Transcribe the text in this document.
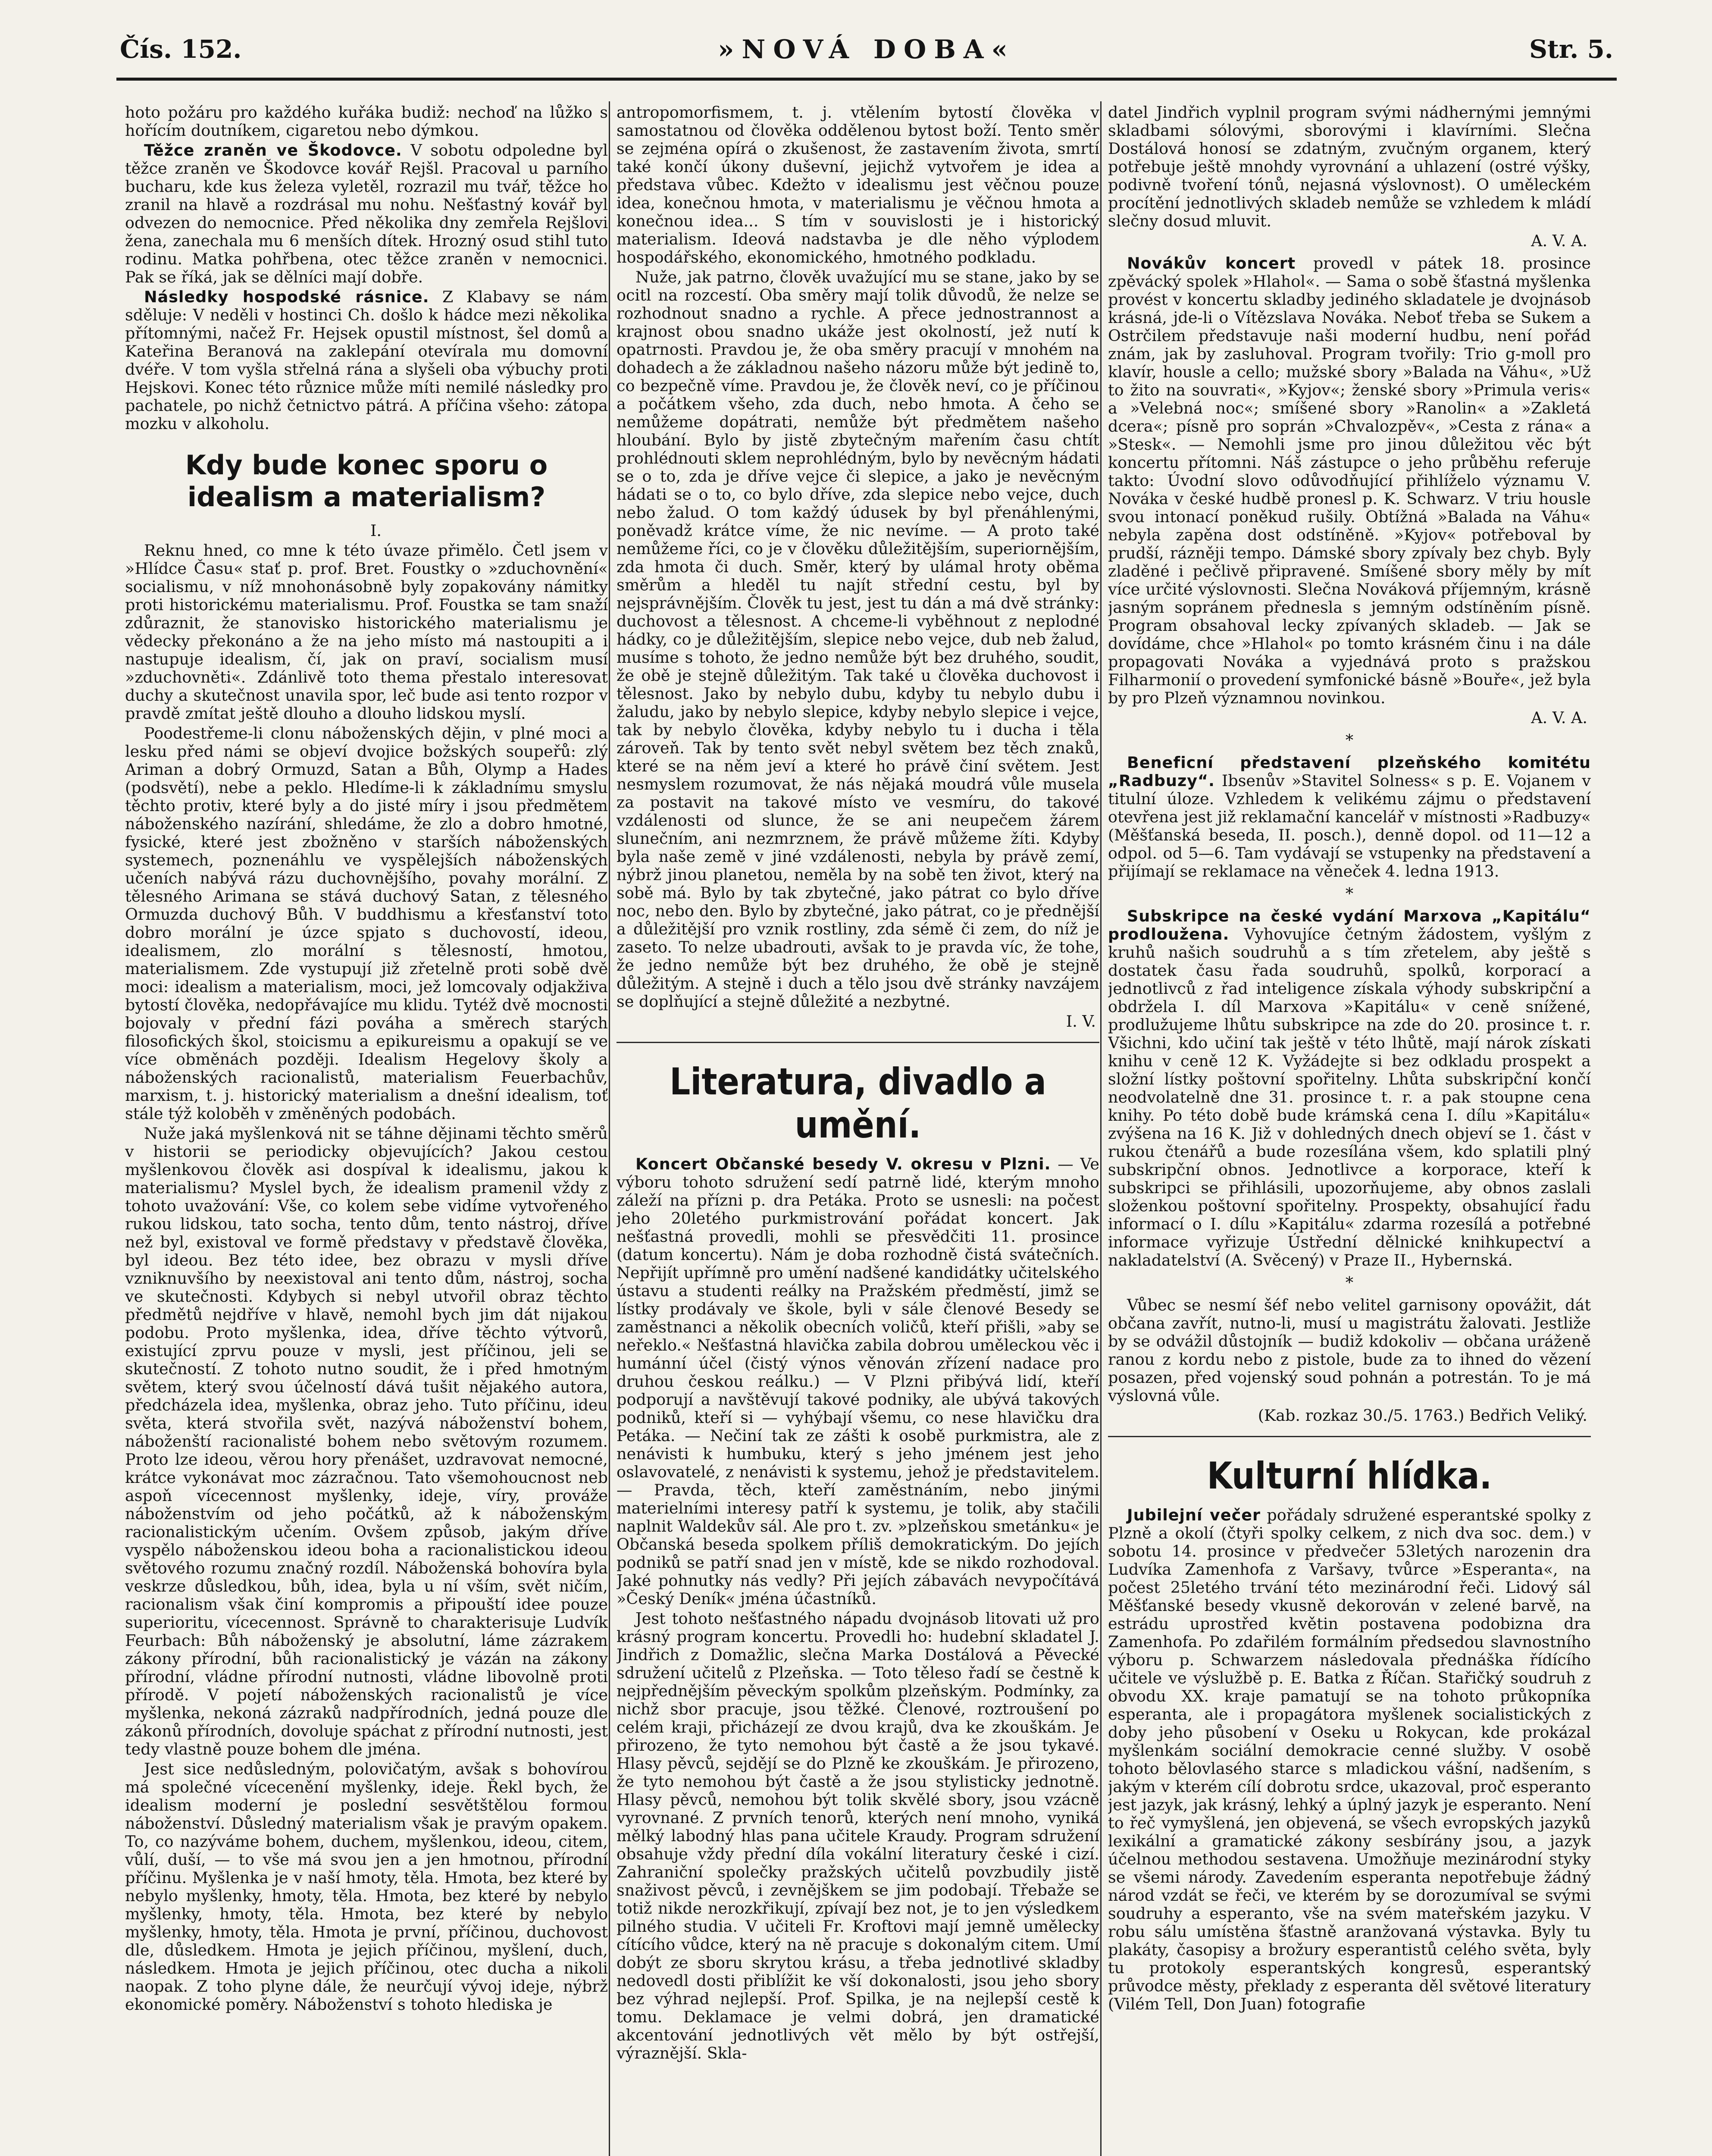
Čís. 152.	»NOVÁ DOBA«	Str. 5.

hoto požáru pro každého kuřáka budiž: nechoď na lůžko s hořícím doutníkem, cigaretou nebo dýmkou.

Těžce zraněn ve Škodovce. V sobotu odpoledne byl těžce zraněn ve Škodovce kovář Rejšl. Pracoval u parního bucharu, kde kus železa vyletěl, rozrazil mu tvář, těžce ho zranil na hlavě a rozdrásal mu nohu. Nešťastný kovář byl odvezen do nemocnice. Před několika dny zemřela Rejšlovi žena, zanechala mu 6 menších dítek. Hrozný osud stihl tuto rodinu. Matka pohřbena, otec těžce zraněn v nemocnici. Pak se říká, jak se dělníci mají dobře.

Následky hospodské rásnice. Z Klabavy se nám sdělujе: V neděli v hostinci Ch. došlo k hádce mezi několika přítomnými, načež Fr. Hejsek opustil místnost, šel domů a Kateřina Beranová na zaklepání otevírala mu domovní dvéře. V tom vyšla střelná rána a slyšeli oba výbuchy proti Hejskovi. Konec této různice může míti nemilé následky pro pachatele, po nichž četnictvo pátrá. A příčina všeho: zátopa mozku v alkoholu.

Kdy bude konec sporu o idealism a materialism?

I.

Reknu hned, co mne k této úvaze přimělo. Četl jsem v »Hlídce Času« stať p. prof. Bret. Foustky o »zduchovnění« socialismu, v níž mnohonásobně byly zopakovány námitky proti historickému materialismu. Prof. Foustka se tam snaží zdůraznit, že stanovisko historického materialismu je vědecky překonáno a že na jeho místo má nastoupiti a i nastupuje idealism, čí, jak on praví, socialism musí »zduchovněti«. Zdánlivě toto thema přestalo interesovat duchy a skutečnost unavila spor, leč bude asi tento rozpor v pravdě zmítat ještě dlouho a dlouho lidskou myslí.

Poodestřeme-li clonu náboženských dějin, v plné moci a lesku před námi se objeví dvojice božských soupeřů: zlý Ariman a dobrý Ormuzd, Satan a Bůh, Olymp a Hades (podsvětí), nebe a peklo. Hledíme-li k základnímu smyslu těchto protiv, které byly a do jisté míry i jsou předmětem náboženského nazírání, shledáme, že zlo a dobro hmotné, fysické, které jest zbožněno v starších náboženských systemech, poznenáhlu ve vyspělejších náboženských učeních nabývá rázu duchovnějšího, povahy morální. Z tělesného Arimana se stává duchový Satan, z tělesného Ormuzda duchový Bůh. V buddhismu a křesťanství toto dobro morální je úzce spjato s duchovostí, ideou, idealismem, zlo morální s tělesností, hmotou, materialismem. Zde vystupují již zřetelně proti sobě dvě moci: idealism a materialism, moci, jež lomcovaly odjakživa bytostí člověka, nedopřávajíce mu klidu. Tytéž dvě mocnosti bojovaly v přední fázi pováha a směrech starých filosofických škol, stoicismu a epikureismu a opakují se ve více obměnách později. Idealism Hegelovy školy a náboženských racionalistů, materialism Feuerbachův, marxism, t. j. historický materialism a dnešní idealism, toť stále týž koloběh v změněných podobách.

Nuže jaká myšlenková nit se táhne dějinami těchto směrů v historii se periodicky objevujících? Jakou cestou myšlenkovou člověk asi dospíval k idealismu, jakou k materialismu? Myslel bych, že idealism pramenil vždy z tohoto uvažování: Vše, co kolem sebe vidíme vytvořeného rukou lidskou, tato socha, tento dům, tento nástroj, dříve než byl, existoval ve formě představy v představě člověka, byl ideou. Bez této idee, bez obrazu v mysli dříve vzniknuvšího by neexistoval ani tento dům, nástroj, socha ve skutečnosti. Kdybych si nebyl utvořil obraz těchto předmětů nejdříve v hlavě, nemohl bych jim dát nijakou podobu. Proto myšlenka, idea, dříve těchto výtvorů, existující zprvu pouze v mysli, jest příčinou, jeli se skutečností. Z tohoto nutno soudit, že i před hmotným světem, který svou účelností dává tušit nějakého autora, předcházela idea, myšlenka, obraz jeho. Tuto příčinu, ideu světa, která stvořila svět, nazývá náboženství bohem, náboženští racionalisté bohem nebo světovým rozumem. Proto lze ideou, věrou hory přenášet, uzdravovat nemocné, krátce vykonávat moc zázračnou. Tato všemohoucnost neb aspoň vícecennost myšlenky, ideje, víry, prováže náboženstvím od jeho počátků, až k náboženským racionalistickým učením. Ovšem způsob, jakým dříve vyspělo náboženskou ideou boha a racionalistickou ideou světového rozumu značný rozdíl. Náboženská bohovíra byla veskrze důsledkou, bůh, idea, byla u ní vším, svět ničím, racionalism však činí kompromis a připouští idee pouze superioritu, vícecennost. Správně to charakterisuje Ludvík Feurbach: Bůh náboženský je absolutní, láme zázrakem zákony přírodní, bůh racionalistický je vázán na zákony přírodní, vládne přírodní nutnosti, vládne libovolně proti přírodě. V pojetí náboženských racionalistů je více myšlenka, nekoná zázraků nadpřírodních, jedná pouze dle zákonů přírodních, dovoluje spáchat z přírodní nutnosti, jest tedy vlastně pouze bohem dle jména.

Jest sice nedůsledným, polovičatým, avšak s bohovírou má společné vícecenění myšlenky, ideje. Řekl bych, že idealism moderní je poslední sesvětštělou formou náboženství. Důsledný materialism však je pravým opakem. To, co nazýváme bohem, duchem, myšlenkou, ideou, citem, vůlí, duší, — to vše má svou jen a jen hmotnou, přírodní příčinu. Myšlenka je v naší hmoty, těla. Hmota, bez které by nebylo myšlenky, hmoty, těla. Hmota, bez které by nebylo myšlenky, hmoty, těla. Hmota, bez které by nebylo myšlenky, hmoty, těla. Hmota je první, příčinou, duchovost dle, důsledkem. Hmota je jejich příčinou, myšlení, duch, následkem. Hmota je jejich příčinou, otec ducha a nikoli naopak. Z toho plyne dále, že neurčují vývoj ideje, nýbrž ekonomické poměry. Náboženství s tohoto hlediska je

antropomorfismem, t. j. vtělením bytostí člověka v samostatnou od člověka oddělenou bytost boží. Tento směr se zejména opírá o zkušenost, že zastavením života, smrtí také končí úkony duševní, jejichž vytvořem je idea a představa vůbec. Kdežto v idealismu jest věčnou pouze idea, konečnou hmota, v materialismu je věčnou hmota a konečnou idea... S tím v souvislosti je i historický materialism. Ideová nadstavba je dle něho výplodem hospodářského, ekonomického, hmotného podkladu.

Nuže, jak patrno, člověk uvažující mu se stane, jako by se ocitl na rozcestí. Oba směry mají tolik důvodů, že nelze se rozhodnout snadno a rychle. A přece jednostrannost a krajnost obou snadno ukáže jest okolností, jež nutí k opatrnosti. Pravdou je, že oba směry pracují v mnohém na dohadech a že základnou našeho názoru může být jedině to, co bezpečně víme. Pravdou je, že člověk neví, co je příčinou a počátkem všeho, zda duch, nebo hmota. A čeho se nemůžeme dopátrati, nemůže být předmětem našeho hloubání. Bylo by jistě zbytečným mařením času chtít prohlédnouti sklem neprohlédným, bylo by nevěcným hádati se o to, zda je dříve vejce či slepice, a jako je nevěcným hádati se o to, co bylo dříve, zda slepice nebo vejce, duch nebo žalud. O tom každý údusek by byl přenáhlenými, poněvadž krátce víme, že nic nevíme. — A proto také nemůžeme říci, co je v člověku důležitějším, superiornějším, zda hmota či duch. Směr, který by ulámal hroty oběma směrům a hleděl tu najít střední cestu, byl by nejsprávnějším. Člověk tu jest, jest tu dán a má dvě stránky: duchovost a tělesnost. A chceme-li vyběhnout z neplodné hádky, co je důležitějším, slepice nebo vejce, dub neb žalud, musíme s tohoto, že jedno nemůže být bez druhého, soudit, že obě je stejně důležitým. Tak také u člověka duchovost i tělesnost. Jako by nebylo dubu, kdyby tu nebylo dubu i žaludu, jako by nebylo slepice, kdyby nebylo slepice i vejce, tak by nebylo člověka, kdyby nebylo tu i ducha i těla zároveň. Tak by tento svět nebyl světem bez těch znaků, které se na něm jeví a které ho právě činí světem. Jest nesmyslem rozumovat, že nás nějaká moudrá vůle musela za postavit na takové místo ve vesmíru, do takové vzdálenosti od slunce, že se ani neupečem žárem slunečním, ani nezmrznem, že právě můžeme žíti. Kdyby byla naše země v jiné vzdálenosti, nebyla by právě zemí, nýbrž jinou planetou, neměla by na sobě ten život, který na sobě má. Bylo by tak zbytečné, jako pátrat co bylo dříve noc, nebo den. Bylo by zbytečné, jako pátrat, co je přednější a důležitější pro vznik rostliny, zda sémě či zem, do níž je zaseto. To nelze ubadrouti, avšak to je pravda víc, že tohe, že jedno nemůže být bez druhého, že obě je stejně důležitým. A stejně i duch a tělo jsou dvě stránky navzájem se doplňující a stejně důležité a nezbytné.

I. V.
Literatura, divadlo a umění.

Koncert Občanské besedy V. okresu v Plzni. — Ve výboru tohoto sdružení sedí patrně lidé, kterým mnoho záleží na přízni p. dra Petáka. Proto se usnesli: na počest jeho 20letého purkmistrování pořádat koncert. Jak nešťastná provedli, mohli se přesvědčiti 11. prosince (datum koncertu). Nám je doba rozhodně čistá svátečních. Nepřijít upřímně pro umění nadšené kandidátky učitelského ústavu a studenti reálky na Pražském předměstí, jimž se lístky prodávaly ve škole, byli v sále členové Besedy se zaměstnanci a několik obecních voličů, kteří přišli, »aby se neřeklo.« Nešťastná hlavička zabila dobrou uměleckou věc i humánní účel (čistý výnos věnován zřízení nadace pro druhou českou reálku.) — V Plzni přibývá lidí, kteří podporují a navštěvují takové podniky, ale ubývá takových podniků, kteří si — vyhýbají všemu, co nese hlavičku dra Petáka. — Nečiní tak ze zášti k osobě purkmistra, ale z nenávisti k humbuku, který s jeho jménem jest jeho oslavovatelé, z nenávisti k systemu, jehož je představitelem. — Pravda, těch, kteří zaměstnáním, nebo jinými materielními interesy patří k systemu, je tolik, aby stačili naplnit Waldekův sál. Ale pro t. zv. »plzeňskou smetánku« je Občanská beseda spolkem příliš demokratickým. Do jejích podniků se patří snad jen v místě, kde se nikdo rozhodoval. Jaké pohnutky nás vedly? Při jejích zábavách nevypočítává »Český Deník« jména účastníků.

Jest tohoto nešťastného nápadu dvojnásob litovati už pro krásný program koncertu. Provedli ho: hudební skladatel J. Jindřich z Domažlic, slečna Marka Dostálová a Pěvecké sdružení učitelů z Plzeňska. — Toto těleso řadí se čestně k nejpřednějším pěveckým spolkům plzeňským. Podmínky, za nichž sbor pracuje, jsou těžké. Členové, roztroušení po celém kraji, přicházejí ze dvou krajů, dva ke zkouškám. Je přirozeno, že tyto nemohou být častě a že jsou tykavé. Hlasy pěvců, sejdějí se do Plzně ke zkouškám. Je přirozeno, že tyto nemohou být častě a že jsou stylisticky jednotně. Hlasy pěvců, nemohou být tolik skvělé sbory, jsou vzácně vyrovnané. Z prvních tenorů, kterých není mnoho, vyniká mělký labodný hlas pana učitele Kraudy. Program sdružení obsahuje vždy přední díla vokální literatury české i cizí. Zahraniční společky pražských učitelů povzbudily jistě snaživost pěvců, i zevnějškem se jim podobají. Třebaže se totiž nikde nerozkřikují, zpívají bez not, je to jen výsledkem pilného studia. V učiteli Fr. Kroftovi mají jemně umělecky cítícího vůdce, který na ně pracuje s dokonalým citem. Umí dobýt ze sboru skrytou krásu, a třeba jednotlivé skladby nedovedl dosti přiblížit ke vší dokonalosti, jsou jeho sbory bez výhrad nejlepší. Prof. Spilka, je na nejlepší cestě k tomu. Deklamace je velmi dobrá, jen dramatické akcentování jednotlivých vět mělo by být ostřejší, výraznější. Skla-

datel Jindřich vyplnil program svými nádhernými jemnými skladbami sólovými, sborovými i klavírními. Slečna Dostálová honosí se zdatným, zvučným organem, který potřebuje ještě mnohdy vyrovnání a uhlazení (ostré výšky, podivně tvoření tónů, nejasná výslovnost). O uměleckém procítění jednotlivých skladeb nemůže se vzhledem k mládí slečny dosud mluvit.

A. V. A.

Novákův koncert provedl v pátek 18. prosince zpěvácký spolek »Hlahol«. — Sama o sobě šťastná myšlenka provést v koncertu skladby jediného skladatele je dvojnásob krásná, jde-li o Vítězslava Nováka. Neboť třeba se Sukem a Ostrčilem představuje naši moderní hudbu, není pořád znám, jak by zasluhoval. Program tvořily: Trio g-moll pro klavír, housle a cello; mužské sbory »Balada na Váhu«, »Už to žito na souvrati«, »Kyjov«; ženské sbory »Primula veris« a »Velebná noc«; smíšené sbory »Ranolin« a »Zakletá dcera«; písně pro soprán »Chvalozpěv«, »Cesta z rána« a »Stesk«. — Nemohli jsme pro jinou důležitou věc být koncertu přítomni. Náš zástupce o jeho průběhu referuje takto: Úvodní slovo odůvodňující přihlíželo významu V. Nováka v české hudbě pronesl p. K. Schwarz. V triu housle svou intonací poněkud rušily. Obtížná »Balada na Váhu« nebyla zapěna dost odstíněně. »Kyjov« potřeboval by prudší, rázněji tempo. Dámské sbory zpívaly bez chyb. Byly zladěné i pečlivě připravené. Smíšené sbory měly by mít více určité výslovnosti. Slečna Nováková příjemným, krásně jasným sopránem přednesla s jemným odstíněním písně. Program obsahoval lecky zpívaných skladeb. — Jak se dovídáme, chce »Hlahol« po tomto krásném činu i na dále propagovati Nováka a vyjednává proto s pražskou Filharmonií o provedení symfonické básně »Bouře«, jež byla by pro Plzeň významnou novinkou.

A. V. A.
*

Beneficní představení plzeňského komitétu „Radbuzy“. Ibsenův »Stavitel Solness« s p. E. Vojanem v titulní úloze. Vzhledem k velikému zájmu o představení otevřena jest již reklamační kancelář v místnosti »Radbuzy« (Měšťanská beseda, II. posch.), denně dopol. od 11—12 a odpol. od 5—6. Tam vydávají se vstupenky na představení a přijímají se reklamace na věneček 4. ledna 1913.

*

Subskripce na české vydání Marxova „Kapitálu“ prodloužena. Vyhovujíce četným žádostem, vyšlým z kruhů našich soudruhů a s tím zřetelem, aby ještě s dostatek času řada soudruhů, spolků, korporací a jednotlivců z řad inteligence získala výhody subskripční a obdržela I. díl Marxova »Kapitálu« v ceně snížené, prodlužujeme lhůtu subskripce na zde do 20. prosince t. r. Všichni, kdo učiní tak ještě v této lhůtě, mají nárok získati knihu v ceně 12 K. Vyžádejte si bez odkladu prospekt a složní lístky poštovní spořitelny. Lhůta subskripční končí neodvolatelně dne 31. prosince t. r. a pak stoupne cena knihy. Po této době bude krámská cena I. dílu »Kapitálu« zvýšena na 16 K. Již v dohledných dnech objeví se 1. část v rukou čtenářů a bude rozesílána všem, kdo splatili plný subskripční obnos. Jednotlivce a korporace, kteří k subskripci se přihlásili, upozorňujeme, aby obnos zaslali složenkou poštovní spořitelny. Prospekty, obsahující řadu informací o I. dílu »Kapitálu« zdarma rozesílá a potřebné informace vyřizuje Ústřední dělnické knihkupectví a nakladatelství (A. Svěcený) v Praze II., Hybernská.

*

Vůbec se nesmí šéf nebo velitel garnisony opovážit, dát občana zavřít, nutno-li, musí u magistrátu žalovati. Jestliže by se odvážil důstojník — budiž kdokoliv — občana uráženě ranou z kordu nebo z pistole, bude za to ihned do vězení posazen, před vojenský soud pohnán a potrestán. To je má výslovná vůle.

(Kab. rozkaz 30./5. 1763.) Bedřich Veliký.
Kulturní hlídka.

Jubilejní večer pořádaly sdružené esperantské spolky z Plzně a okolí (čtyři spolky celkem, z nich dva soc. dem.) v sobotu 14. prosince v předvečer 53letých narozenin dra Ludvíka Zamenhofa z Varšavy, tvůrce »Esperanta«, na počest 25letého trvání této mezinárodní řeči. Lidový sál Měšťanské besedy vkusně dekorován v zelené barvě, na estrádu uprostřed květin postavena podobizna dra Zamenhofa. Po zdařilém formálním předsedou slavnostního výboru p. Schwarzem následovala přednáška řídícího učitele ve výslužbě p. E. Batka z Říčan. Stařičký soudruh z obvodu XX. kraje pamatují se na tohoto průkopníka esperanta, ale i propagátora myšlenek socialistických z doby jeho působení v Oseku u Rokycan, kde prokázal myšlenkám sociální demokracie cenné služby. V osobě tohoto bělovlasého starce s mladickou vášní, nadšením, s jakým v kterém cílí dobrotu srdce, ukazoval, proč esperanto jest jazyk, jak krásný, lehký a úplný jazyk je esperanto. Není to řeč vymyšlená, jen objevená, se všech evropských jazyků lexikální a gramatické zákony sesbírány jsou, a jazyk účelnou methodou sestavena. Umožňuje mezinárodní styky se všemi národy. Zavedením esperanta nepotřebuje žádný národ vzdát se řeči, ve kterém by se dorozumíval se svými soudruhy a esperanto, vše na svém mateřském jazyku. V robu sálu umístěna šťastně aranžovaná výstavka. Byly tu plakáty, časopisy a brožury esperantistů celého světa, byly tu protokoly esperantských kongresů, esperantský průvodce městy, překlady z esperanta děl světové literatury (Vilém Tell, Don Juan) fotografie
